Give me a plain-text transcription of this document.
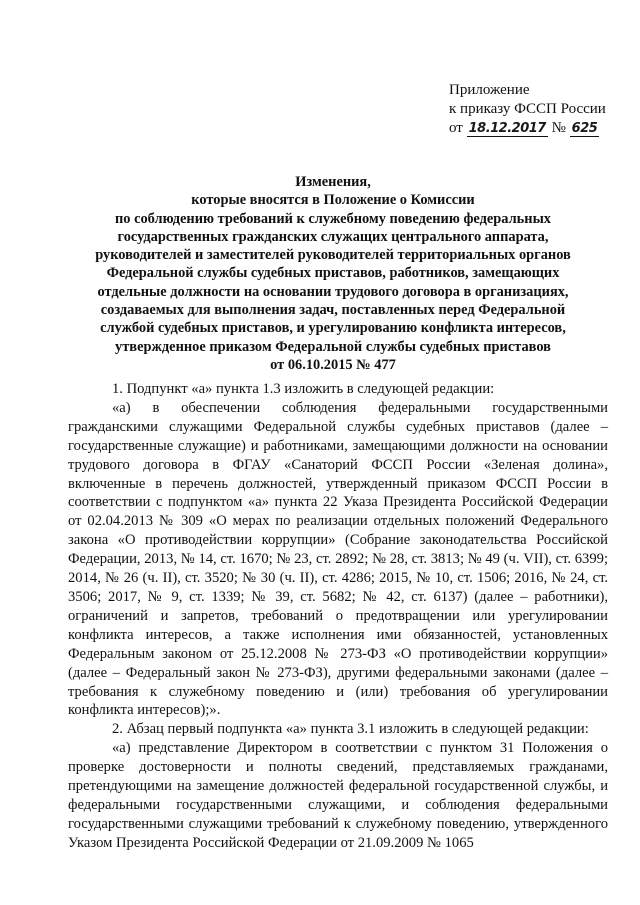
Приложение
к приказу ФССП России
от 18.12.2017 № 625
Изменения,
которые вносятся в Положение о Комиссии
по соблюдению требований к служебному поведению федеральных
государственных гражданских служащих центрального аппарата,
руководителей и заместителей руководителей территориальных органов
Федеральной службы судебных приставов, работников, замещающих
отдельные должности на основании трудового договора в организациях,
создаваемых для выполнения задач, поставленных перед Федеральной
службой судебных приставов, и урегулированию конфликта интересов,
утвержденное приказом Федеральной службы судебных приставов
от 06.10.2015 № 477

1. Подпункт «а» пункта 1.3 изложить в следующей редакции:

«а) в обеспечении соблюдения федеральными государственными гражданскими служащими Федеральной службы судебных приставов (далее – государственные служащие) и работниками, замещающими должности на основании трудового договора в ФГАУ «Санаторий ФССП России «Зеленая долина», включенные в перечень должностей, утвержденный приказом ФССП России в соответствии с подпунктом «а» пункта 22 Указа Президента Российской Федерации от 02.04.2013 № 309 «О мерах по реализации отдельных положений Федерального закона «О противодействии коррупции» (Собрание законодательства Российской Федерации, 2013, № 14, ст. 1670; № 23, ст. 2892; № 28, ст. 3813; № 49 (ч. VII), ст. 6399; 2014, № 26 (ч. II), ст. 3520; № 30 (ч. II), ст. 4286; 2015, № 10, ст. 1506; 2016, № 24, ст. 3506; 2017, № 9, ст. 1339; № 39, ст. 5682; № 42, ст. 6137) (далее – работники), ограничений и запретов, требований о предотвращении или урегулировании конфликта интересов, а также исполнения ими обязанностей, установленных Федеральным законом от 25.12.2008 № 273-ФЗ «О противодействии коррупции» (далее – Федеральный закон № 273-ФЗ), другими федеральными законами (далее – требования к служебному поведению и (или) требования об урегулировании конфликта интересов);».

2. Абзац первый подпункта «а» пункта 3.1 изложить в следующей редакции:

«а) представление Директором в соответствии с пунктом 31 Положения о проверке достоверности и полноты сведений, представляемых гражданами, претендующими на замещение должностей федеральной государственной службы, и федеральными государственными служащими, и соблюдения федеральными государственными служащими требований к служебному поведению, утвержденного Указом Президента Российской Федерации от 21.09.2009 № 1065
